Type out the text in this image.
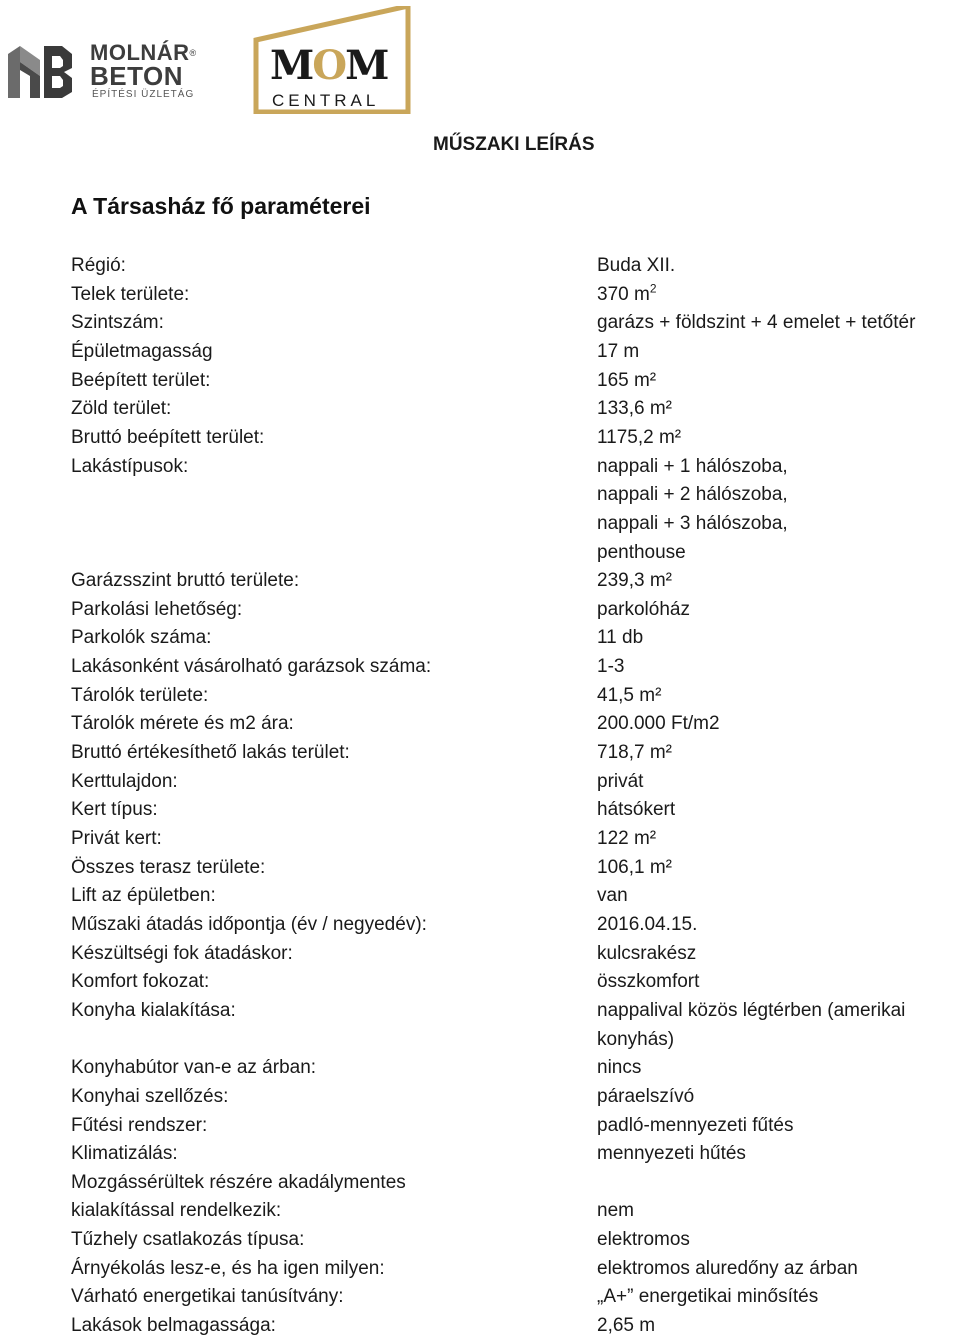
MOLNÁR®
BETON
ÉPÍTÉSI ÜZLETÁG
MOM
CENTRAL
MŰSZAKI LEÍRÁS
A Társasház fő paraméterei
Régió:	Buda XII.
Telek területe:	370 $m^2$
Szintszám:	garázs + földszint + 4 emelet + tetőtér
Épületmagasság	17 m
Beépített terület:	165 m²
Zöld terület:	133,6 m²
Bruttó beépített terület:	1175,2 m²
Lakástípusok:	nappali + 1 hálószoba,
nappali + 2 hálószoba,
nappali + 3 hálószoba,
penthouse
Garázsszint bruttó területe:	239,3 m²
Parkolási lehetőség:	parkolóház
Parkolók száma:	11 db
Lakásonként vásárolható garázsok száma:	1-3
Tárolók területe:	41,5 m²
Tárolók mérete és m2 ára:	200.000 Ft/m2
Bruttó értékesíthető lakás terület:	718,7 m²
Kerttulajdon:	privát
Kert típus:	hátsókert
Privát kert:	122 m²
Összes terasz területe:	106,1 m²
Lift az épületben:	van
Műszaki átadás időpontja (év / negyedév):	2016.04.15.
Készültségi fok átadáskor:	kulcsrakész
Komfort fokozat:	összkomfort
Konyha kialakítása:	nappalival közös légtérben (amerikai
konyhás)
Konyhabútor van-e az árban:	nincs
Konyhai szellőzés:	páraelszívó
Fűtési rendszer:	padló-mennyezeti fűtés
Klimatizálás:	mennyezeti hűtés
Mozgássérültek részére akadálymentes
kialakítással rendelkezik:	nem
Tűzhely csatlakozás típusa:	elektromos
Árnyékolás lesz-e, és ha igen milyen:	elektromos aluredőny az árban
Várható energetikai tanúsítvány:	„A+” energetikai minősítés
Lakások belmagassága:	2,65 m
